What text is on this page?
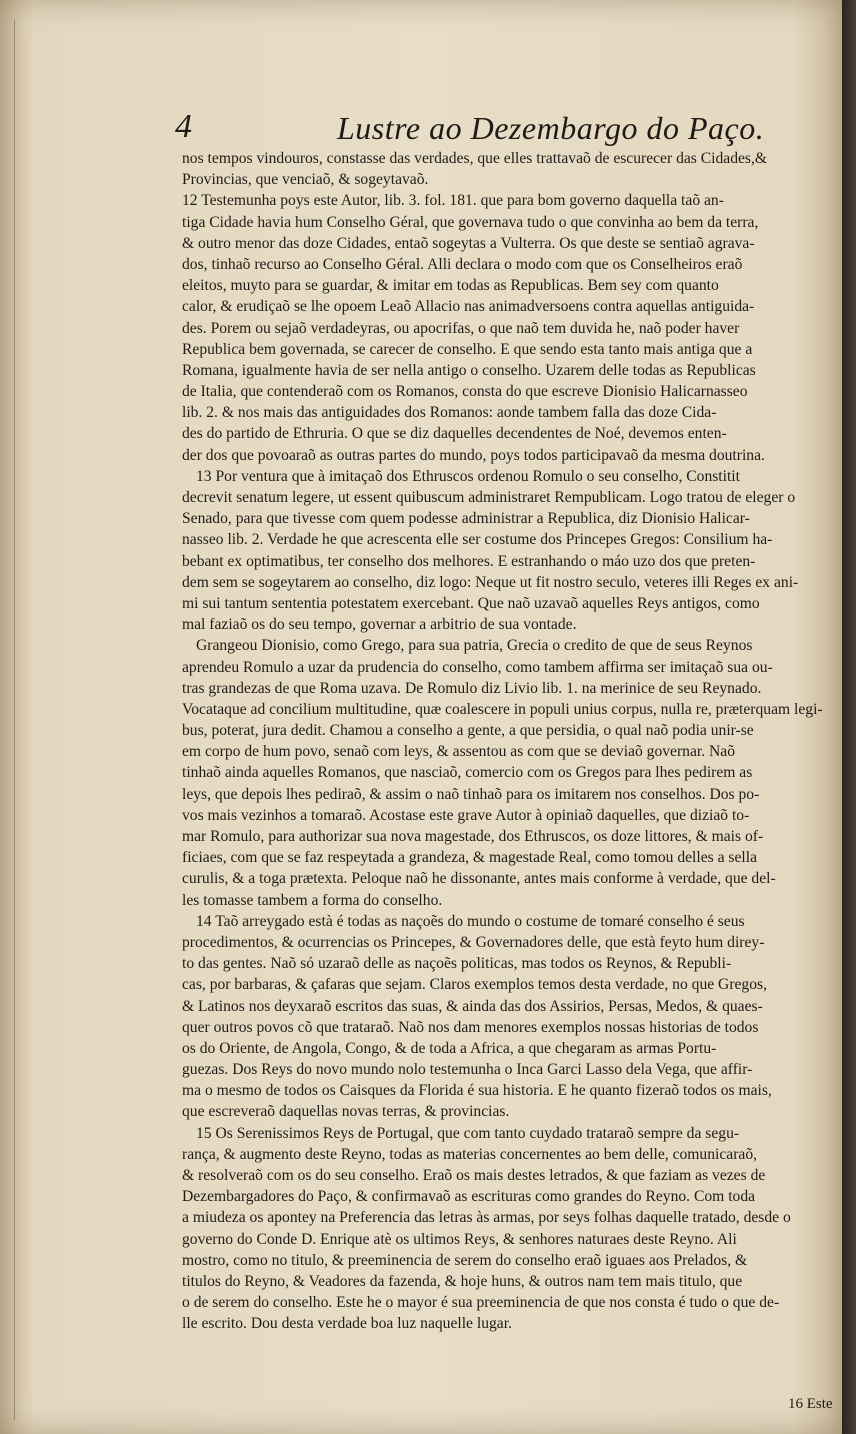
4	Lustre ao Dezembargo do Paço.
nos tempos vindouros, constasse das verdades, que elles trattavaõ de escurecer das Cidades,&
Provincias, que venciaõ, & sogeytavaõ.
12 Testemunha poys este Autor, lib. 3. fol. 181. que para bom governo daquella taõ an-
tiga Cidade havia hum Conselho Géral, que governava tudo o que convinha ao bem da terra,
& outro menor das doze Cidades, entaõ sogeytas a Vulterra. Os que deste se sentiaõ agrava-
dos, tinhaõ recurso ao Conselho Géral. Alli declara o modo com que os Conselheiros eraõ
eleitos, muyto para se guardar, & imitar em todas as Republicas. Bem sey com quanto
calor, & erudiçaõ se lhe opoem Leaõ Allacio nas animadversoens contra aquellas antiguida-
des. Porem ou sejaõ verdadeyras, ou apocrifas, o que naõ tem duvida he, naõ poder haver
Republica bem governada, se carecer de conselho. E que sendo esta tanto mais antiga que a
Romana, igualmente havia de ser nella antigo o conselho. Uzarem delle todas as Republicas
de Italia, que contenderaõ com os Romanos, consta do que escreve Dionisio Halicarnasseo
lib. 2. & nos mais das antiguidades dos Romanos: aonde tambem falla das doze Cida-
des do partido de Ethruria. O que se diz daquelles decendentes de Noé, devemos enten-
der dos que povoaraõ as outras partes do mundo, poys todos participavaõ da mesma doutrina.
13 Por ventura que à imitaçaõ dos Ethruscos ordenou Romulo o seu conselho, Constitit
decrevit senatum legere, ut essent quibuscum administraret Rempublicam. Logo tratou de eleger o
Senado, para que tivesse com quem podesse administrar a Republica, diz Dionisio Halicar-
nasseo lib. 2. Verdade he que acrescenta elle ser costume dos Princepes Gregos: Consilium ha-
bebant ex optimatibus, ter conselho dos melhores. E estranhando o máo uzo dos que preten-
dem sem se sogeytarem ao conselho, diz logo: Neque ut fit nostro seculo, veteres illi Reges ex ani-
mi sui tantum sententia potestatem exercebant. Que naõ uzavaõ aquelles Reys antigos, como
mal faziaõ os do seu tempo, governar a arbitrio de sua vontade.
Grangeou Dionisio, como Grego, para sua patria, Grecia o credito de que de seus Reynos
aprendeu Romulo a uzar da prudencia do conselho, como tambem affirma ser imitaçaõ sua ou-
tras grandezas de que Roma uzava. De Romulo diz Livio lib. 1. na merinice de seu Reynado.
Vocataque ad concilium multitudine, quæ coalescere in populi unius corpus, nulla re, præterquam legi-
bus, poterat, jura dedit. Chamou a conselho a gente, a que persidia, o qual naõ podia unir-se
em corpo de hum povo, senaõ com leys, & assentou as com que se deviaõ governar. Naõ
tinhaõ ainda aquelles Romanos, que nasciaõ, comercio com os Gregos para lhes pedirem as
leys, que depois lhes pediraõ, & assim o naõ tinhaõ para os imitarem nos conselhos. Dos po-
vos mais vezinhos a tomaraõ. Acostase este grave Autor à opiniaõ daquelles, que diziaõ to-
mar Romulo, para authorizar sua nova magestade, dos Ethruscos, os doze littores, & mais of-
ficiaes, com que se faz respeytada a grandeza, & magestade Real, como tomou delles a sella
curulis, & a toga prætexta. Peloque naõ he dissonante, antes mais conforme à verdade, que del-
les tomasse tambem a forma do conselho.
14 Taõ arreygado està é todas as naçoẽs do mundo o costume de tomaré conselho é seus
procedimentos, & ocurrencias os Princepes, & Governadores delle, que està feyto hum direy-
to das gentes. Naõ só uzaraõ delle as naçoẽs politicas, mas todos os Reynos, & Republi-
cas, por barbaras, & çafaras que sejam. Claros exemplos temos desta verdade, no que Gregos,
& Latinos nos deyxaraõ escritos das suas, & ainda das dos Assirios, Persas, Medos, & quaes-
quer outros povos cõ que trataraõ. Naõ nos dam menores exemplos nossas historias de todos
os do Oriente, de Angola, Congo, & de toda a Africa, a que chegaram as armas Portu-
guezas. Dos Reys do novo mundo nolo testemunha o Inca Garci Lasso dela Vega, que affir-
ma o mesmo de todos os Caisques da Florida é sua historia. E he quanto fizeraõ todos os mais,
que escreveraõ daquellas novas terras, & provincias.
15 Os Serenissimos Reys de Portugal, que com tanto cuydado trataraõ sempre da segu-
rança, & augmento deste Reyno, todas as materias concernentes ao bem delle, comunicaraõ,
& resolveraõ com os do seu conselho. Eraõ os mais destes letrados, & que faziam as vezes de
Dezembargadores do Paço, & confirmavaõ as escrituras como grandes do Reyno. Com toda
a miudeza os apontey na Preferencia das letras às armas, por seys folhas daquelle tratado, desde o
governo do Conde D. Enrique atè os ultimos Reys, & senhores naturaes deste Reyno. Ali
mostro, como no titulo, & preeminencia de serem do conselho eraõ iguaes aos Prelados, &
titulos do Reyno, & Veadores da fazenda, & hoje huns, & outros nam tem mais titulo, que
o de serem do conselho. Este he o mayor é sua preeminencia de que nos consta é tudo o que de-
lle escrito. Dou desta verdade boa luz naquelle lugar.
16 Este
